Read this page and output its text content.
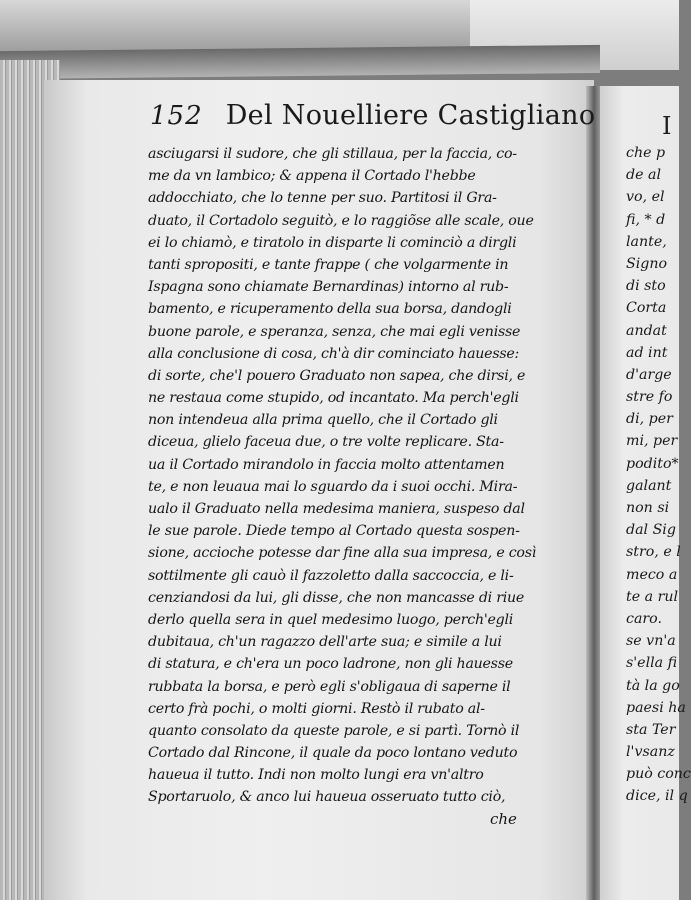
I
che p
de al
vo, el
fi, * d
lante,
Signo
di sto
Corta
andat
ad int
d'arge
stre fo
di, per
mi, per
podito*
galant
non si
dal Sig
stro, e l
meco a
te a rul
caro.
se vn'a
s'ella fi
tà la go
paesi ha
sta Ter
l'vsanz
può conc
dice, il q
152 Del Nouelliere Castigliano
asciugarsi il sudore, che gli stillaua, per la faccia, co-
me da vn lambico; & appena il Cortado l'hebbe
addocchiato, che lo tenne per suo. Partitosi il Gra-
duato, il Cortadolo seguitò, e lo raggiõse alle scale, oue
ei lo chiamò, e tiratolo in disparte li cominciò a dirgli
tanti spropositi, e tante frappe ( che volgarmente in
Ispagna sono chiamate Bernardinas) intorno al rub-
bamento, e ricuperamento della sua borsa, dandogli
buone parole, e speranza, senza, che mai egli venisse
alla conclusione di cosa, ch'à dir cominciato hauesse:
di sorte, che'l pouero Graduato non sapea, che dirsi, e
ne restaua come stupido, od incantato. Ma perch'egli
non intendeua alla prima quello, che il Cortado gli
diceua, glielo faceua due, o tre volte replicare. Sta-
ua il Cortado mirandolo in faccia molto attentamen
te, e non leuaua mai lo sguardo da i suoi occhi. Mira-
ualo il Graduato nella medesima maniera, suspeso dal
le sue parole. Diede tempo al Cortado questa sospen-
sione, accioche potesse dar fine alla sua impresa, e così
sottilmente gli cauò il fazzoletto dalla saccoccia, e li-
cenziandosi da lui, gli disse, che non mancasse di riue
derlo quella sera in quel medesimo luogo, perch'egli
dubitaua, ch'un ragazzo dell'arte sua; e simile a lui
di statura, e ch'era un poco ladrone, non gli hauesse
rubbata la borsa, e però egli s'obligaua di saperne il
certo frà pochi, o molti giorni. Restò il rubato al-
quanto consolato da queste parole, e si partì. Tornò il
Cortado dal Rincone, il quale da poco lontano veduto
haueua il tutto. Indi non molto lungi era vn'altro
Sportaruolo, & anco lui haueua osseruato tutto ciò,
che
